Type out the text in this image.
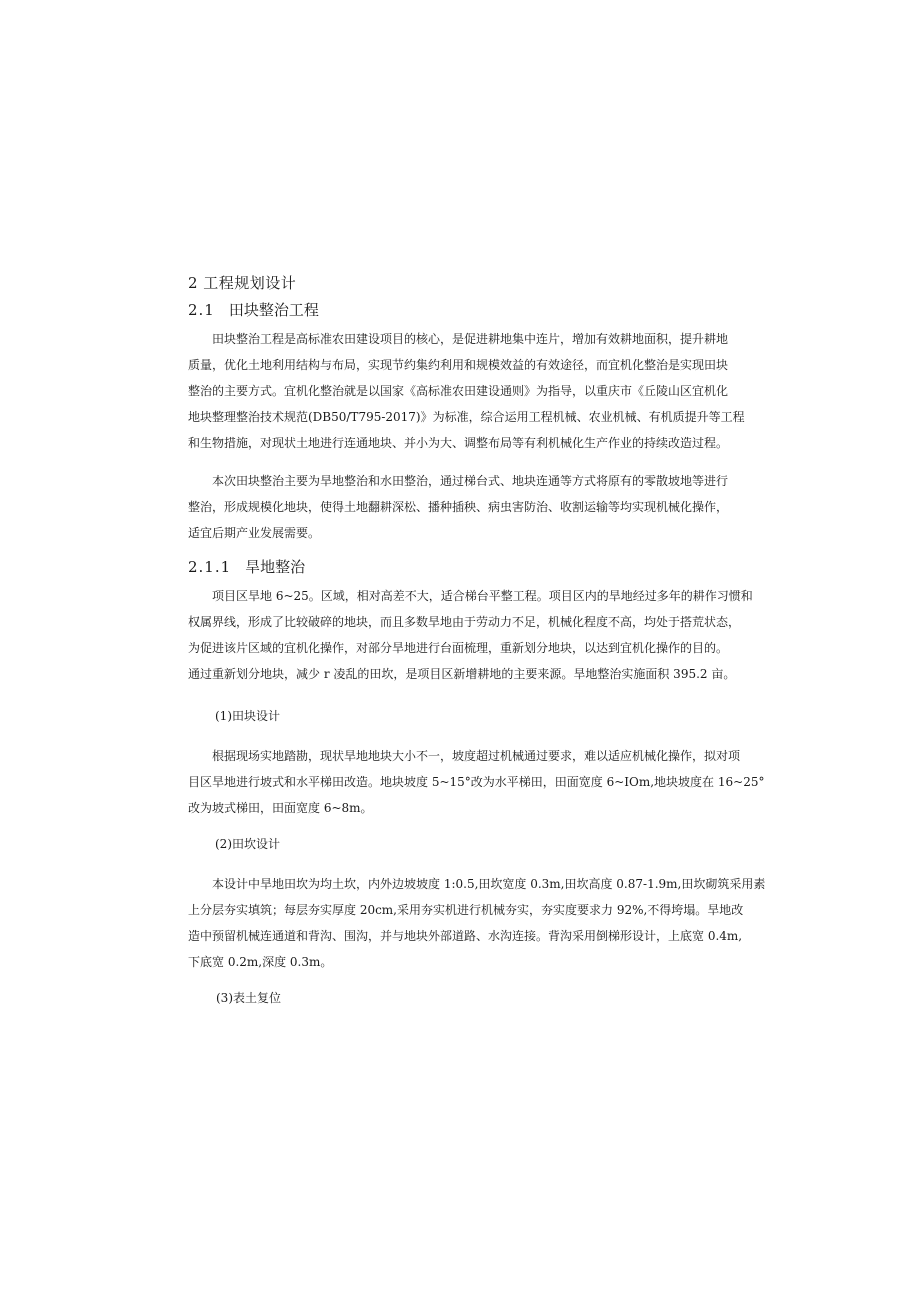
2 工程规划设计
2.1 田块整治工程

　　田块整治工程是高标准农田建设项目的核心，是促进耕地集中连片，增加有效耕地面积，提升耕地
质量，优化土地利用结构与布局，实现节约集约利用和规模效益的有效途径，而宜机化整治是实现田块
整治的主要方式。宜机化整治就是以国家《高标准农田建设通则》为指导，以重庆市《丘陵山区宜机化
地块整理整治技术规范(DB50/T795-2017)》为标准，综合运用工程机械、农业机械、有机质提升等工程
和生物措施，对现状土地进行连通地块、并小为大、调整布局等有利机械化生产作业的持续改造过程。

　　本次田块整治主要为旱地整治和水田整治，通过梯台式、地块连通等方式将原有的零散坡地等进行
整治，形成规模化地块，使得土地翻耕深松、播种插秧、病虫害防治、收割运输等均实现机械化操作，
适宜后期产业发展需要。

2.1.1 旱地整治

　　项目区旱地 6~25。区域，相对高差不大，适合梯台平整工程。项目区内的旱地经过多年的耕作习惯和
权属界线，形成了比较破碎的地块，而且多数旱地由于劳动力不足，机械化程度不高，均处于搭荒状态，
为促进该片区域的宜机化操作，对部分旱地进行台面梳理，重新划分地块，以达到宜机化操作的目的。
通过重新划分地块，减少 r 凌乱的田坎，是项目区新增耕地的主要来源。旱地整治实施面积 395.2 亩。

(1)田块设计

　　根据现场实地踏勘，现状旱地地块大小不一，坡度超过机械通过要求，难以适应机械化操作，拟对项
目区旱地进行坡式和水平梯田改造。地块坡度 5~15°改为水平梯田，田面宽度 6~IOm,地块坡度在 16~25°
改为坡式梯田，田面宽度 6~8m。

(2)田坎设计

　　本设计中旱地田坎为均土坎，内外边坡坡度 1:0.5,田坎宽度 0.3m,田坎高度 0.87-1.9m,田坎砌筑采用素
上分层夯实填筑；每层夯实厚度 20cm,采用夯实机进行机械夯实，夯实度要求力 92%,不得垮塌。旱地改
造中预留机械连通道和背沟、围沟，并与地块外部道路、水沟连接。背沟采用倒梯形设计，上底宽 0.4m,
下底宽 0.2m,深度 0.3m。

(3)表土复位
